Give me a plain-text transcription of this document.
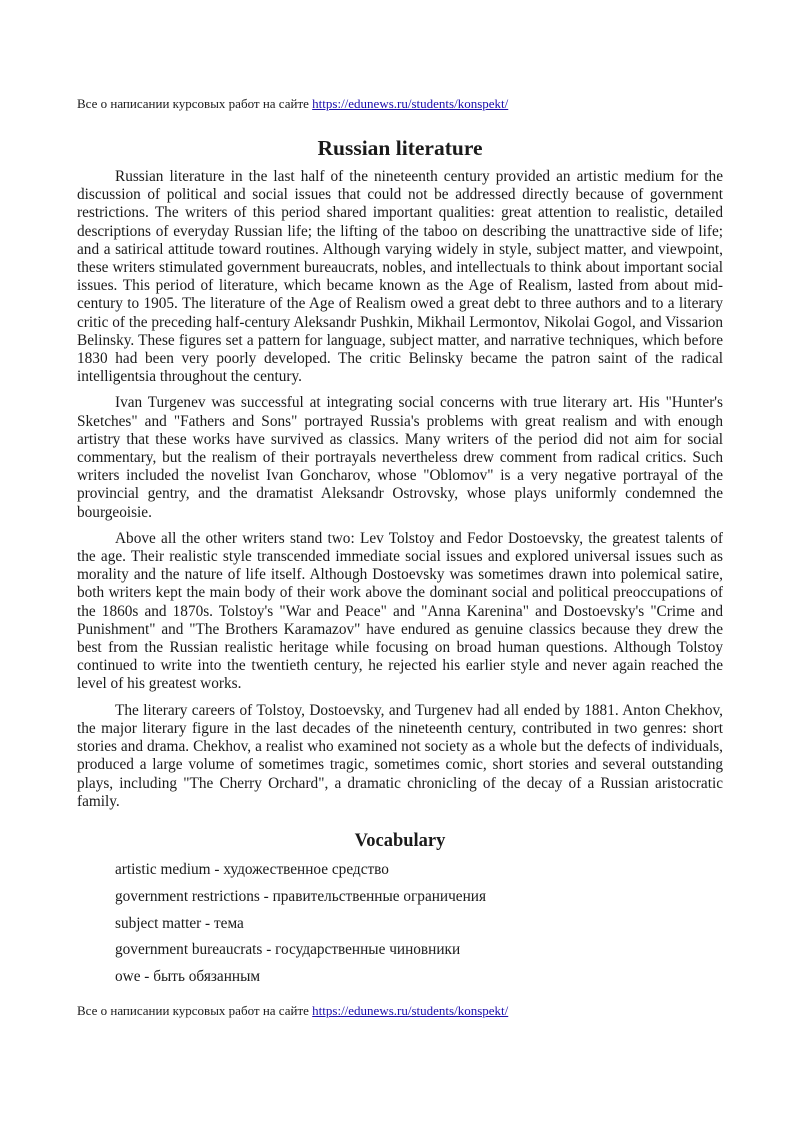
Все о написании курсовых работ на сайте https://edunews.ru/students/konspekt/
Russian literature

Russian literature in the last half of the nineteenth century provided an artistic medium for the discussion of political and social issues that could not be addressed directly because of government restrictions. The writers of this period shared important qualities: great attention to realistic, detailed descriptions of everyday Russian life; the lifting of the taboo on describing the unattractive side of life; and a satirical attitude toward routines. Although varying widely in style, subject matter, and viewpoint, these writers stimulated government bureaucrats, nobles, and intellectuals to think about important social issues. This period of literature, which became known as the Age of Realism, lasted from about mid-century to 1905. The literature of the Age of Realism owed a great debt to three authors and to a literary critic of the preceding half-century Aleksandr Pushkin, Mikhail Lermontov, Nikolai Gogol, and Vissarion Belinsky. These figures set a pattern for language, subject matter, and narrative techniques, which before 1830 had been very poorly developed. The critic Belinsky became the patron saint of the radical intelligentsia throughout the century.

Ivan Turgenev was successful at integrating social concerns with true literary art. His "Hunter's Sketches" and "Fathers and Sons" portrayed Russia's problems with great realism and with enough artistry that these works have survived as classics. Many writers of the period did not aim for social commentary, but the realism of their portrayals nevertheless drew comment from radical critics. Such writers included the novelist Ivan Goncharov, whose "Oblomov" is a very negative portrayal of the provincial gentry, and the dramatist Aleksandr Ostrovsky, whose plays uniformly condemned the bourgeoisie.

Above all the other writers stand two: Lev Tolstoy and Fedor Dostoevsky, the greatest talents of the age. Their realistic style transcended immediate social issues and explored universal issues such as morality and the nature of life itself. Although Dostoevsky was sometimes drawn into polemical satire, both writers kept the main body of their work above the dominant social and political preoccupations of the 1860s and 1870s. Tolstoy's "War and Peace" and "Anna Karenina" and Dostoevsky's "Crime and Punishment" and "The Brothers Karamazov" have endured as genuine classics because they drew the best from the Russian realistic heritage while focusing on broad human questions. Although Tolstoy continued to write into the twentieth century, he rejected his earlier style and never again reached the level of his greatest works.

The literary careers of Tolstoy, Dostoevsky, and Turgenev had all ended by 1881. Anton Chekhov, the major literary figure in the last decades of the nineteenth century, contributed in two genres: short stories and drama. Chekhov, a realist who examined not society as a whole but the defects of individuals, produced a large volume of sometimes tragic, sometimes comic, short stories and several outstanding plays, including "The Cherry Orchard", a dramatic chronicling of the decay of a Russian aristocratic family.

Vocabulary
artistic medium - художественное средство
government restrictions - правительственные ограничения
subject matter - тема
government bureaucrats - государственные чиновники
owe - быть обязанным
Все о написании курсовых работ на сайте https://edunews.ru/students/konspekt/
